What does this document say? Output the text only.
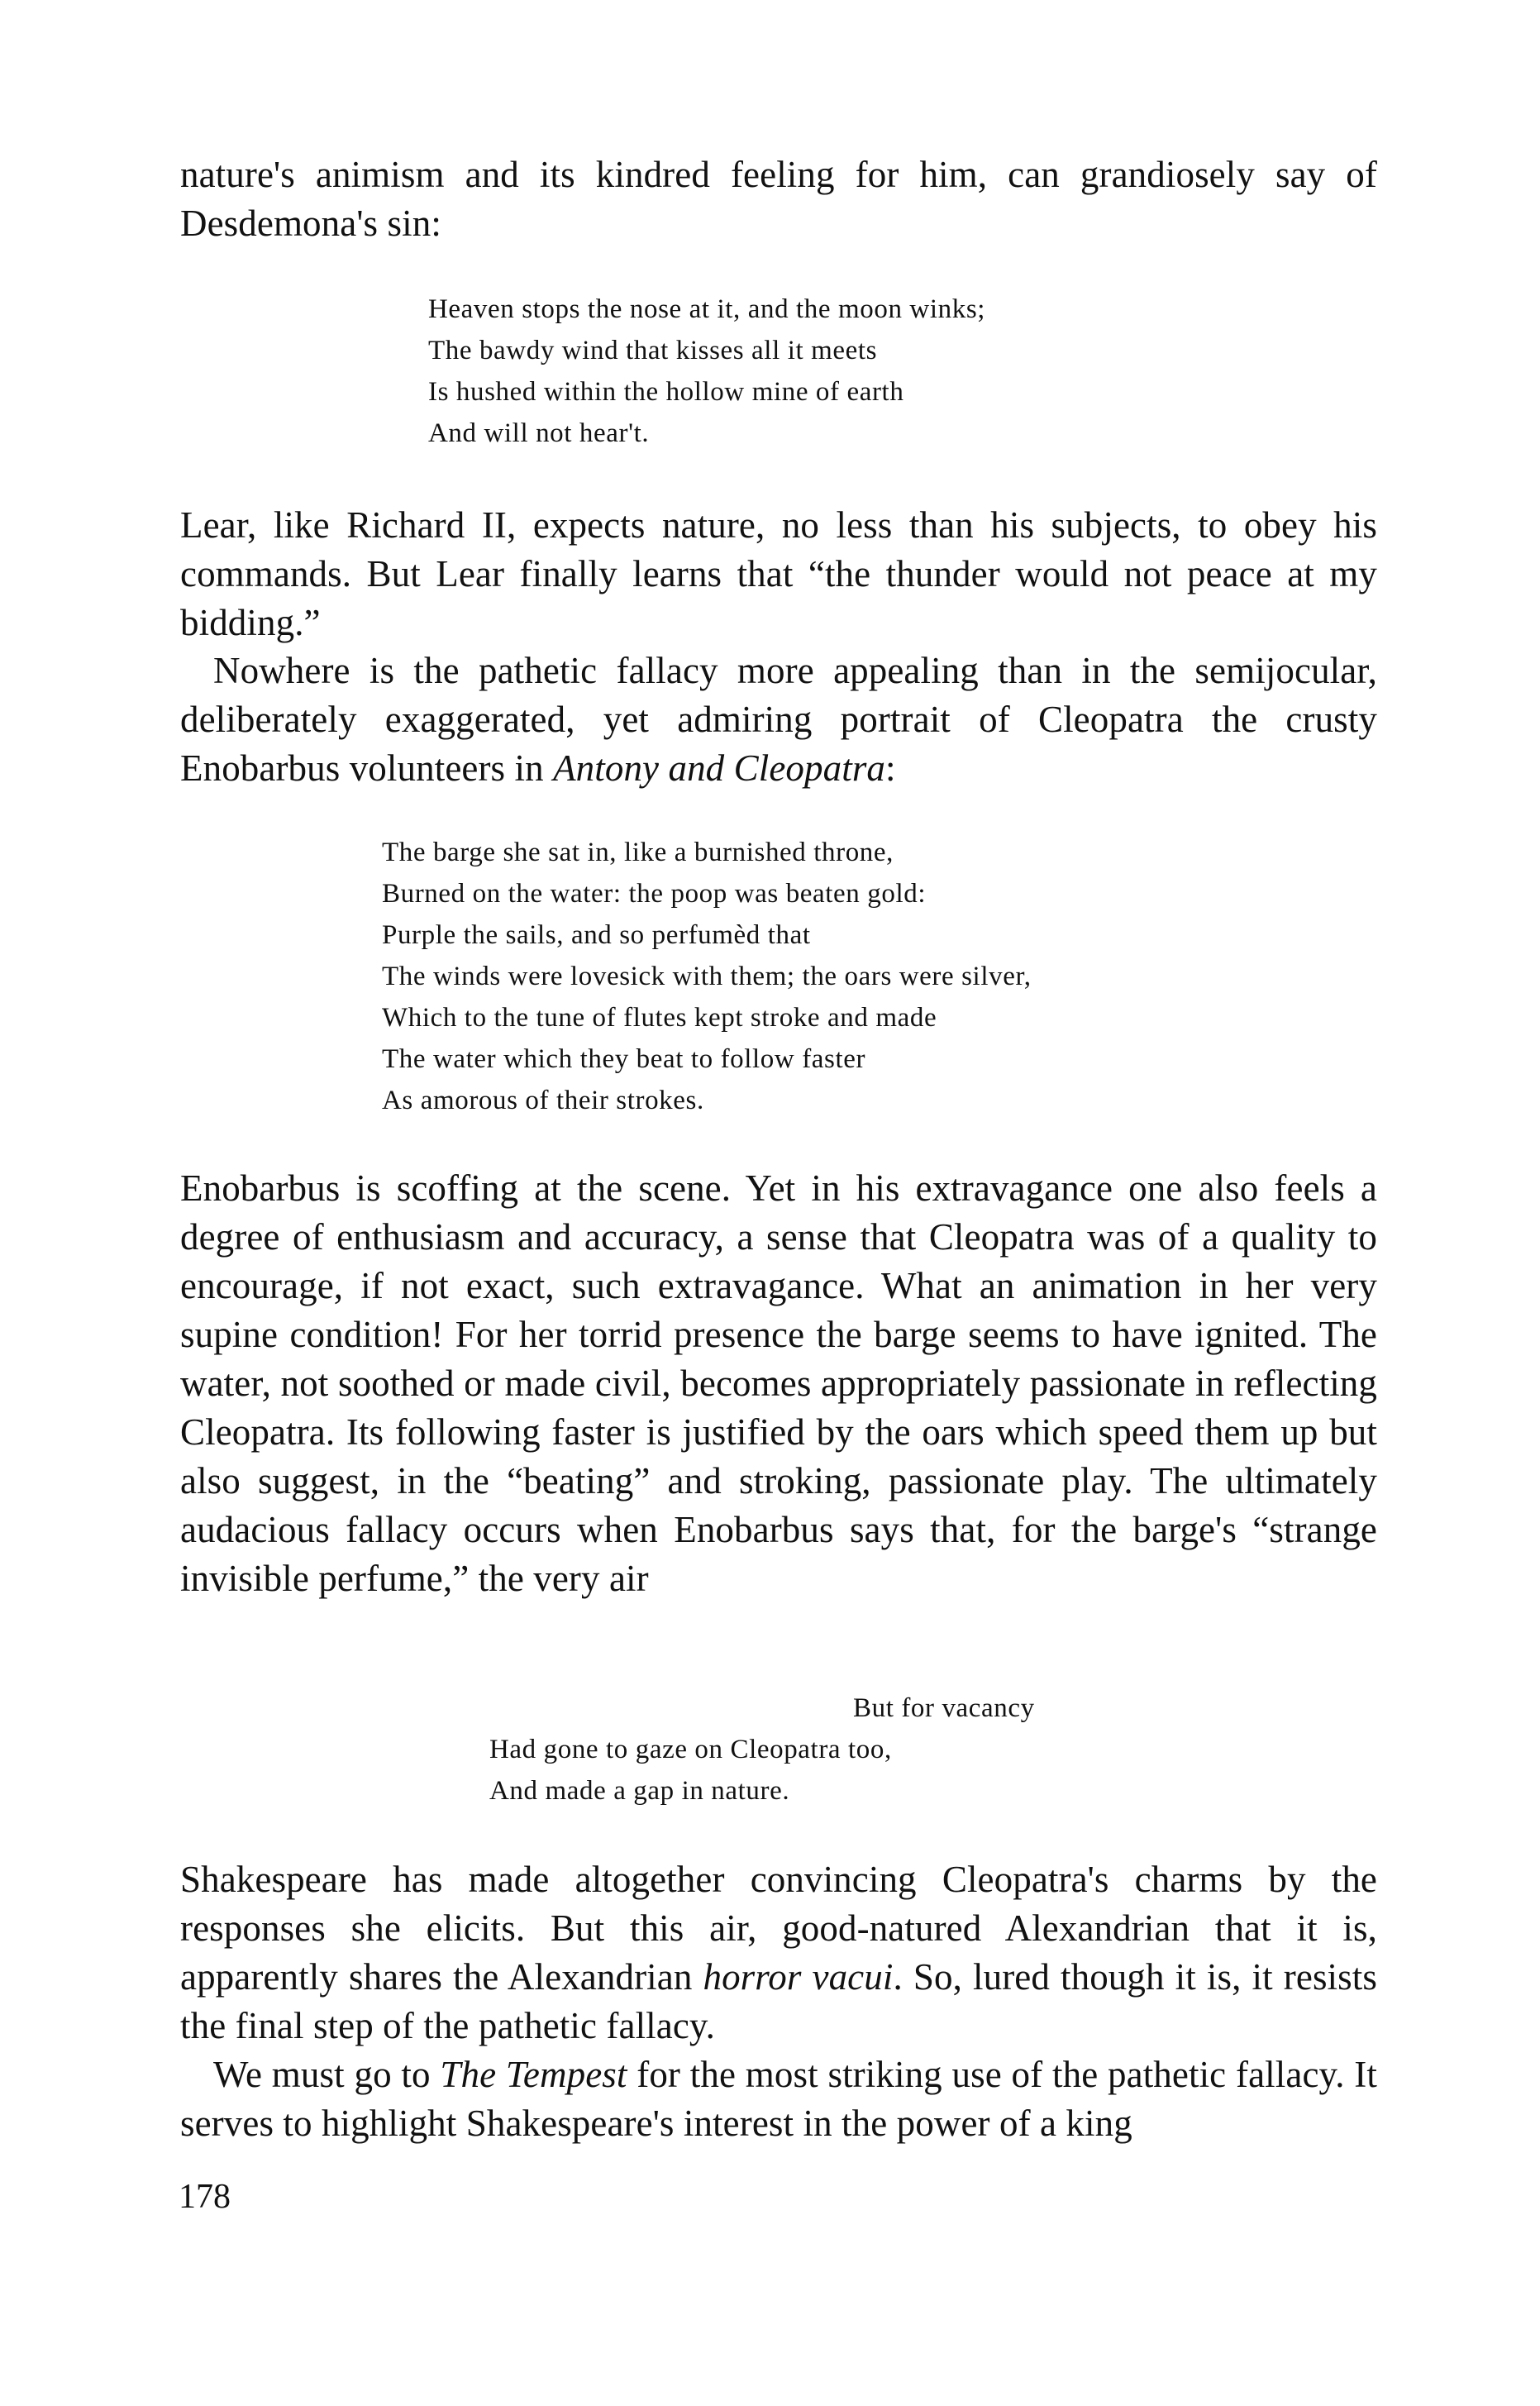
nature's animism and its kindred feeling for him, can grandiosely say of Desdemona's sin:

Heaven stops the nose at it, and the moon winks;
The bawdy wind that kisses all it meets
Is hushed within the hollow mine of earth
And will not hear't.

Lear, like Richard II, expects nature, no less than his subjects, to obey his commands. But Lear finally learns that “the thunder would not peace at my bidding.”

Nowhere is the pathetic fallacy more appealing than in the semijocular, deliberately exaggerated, yet admiring portrait of Cleopatra the crusty Enobarbus volunteers in Antony and Cleopatra:

The barge she sat in, like a burnished throne,
Burned on the water: the poop was beaten gold:
Purple the sails, and so perfumèd that
The winds were lovesick with them; the oars were silver,
Which to the tune of flutes kept stroke and made
The water which they beat to follow faster
As amorous of their strokes.

Enobarbus is scoffing at the scene. Yet in his extravagance one also feels a degree of enthusiasm and accuracy, a sense that Cleopatra was of a quality to encourage, if not exact, such extravagance. What an animation in her very supine condition! For her torrid presence the barge seems to have ignited. The water, not soothed or made civil, becomes appropriately passionate in reflecting Cleopatra. Its following faster is justified by the oars which speed them up but also suggest, in the “beating” and stroking, passionate play. The ultimately audacious fallacy occurs when Enobarbus says that, for the barge's “strange invisible perfume,” the very air

But for vacancy
Had gone to gaze on Cleopatra too,
And made a gap in nature.

Shakespeare has made altogether convincing Cleopatra's charms by the responses she elicits. But this air, good-natured Alexandrian that it is, apparently shares the Alexandrian horror vacui. So, lured though it is, it resists the final step of the pathetic fallacy.

We must go to The Tempest for the most striking use of the pathetic fallacy. It serves to highlight Shakespeare's interest in the power of a king

178
